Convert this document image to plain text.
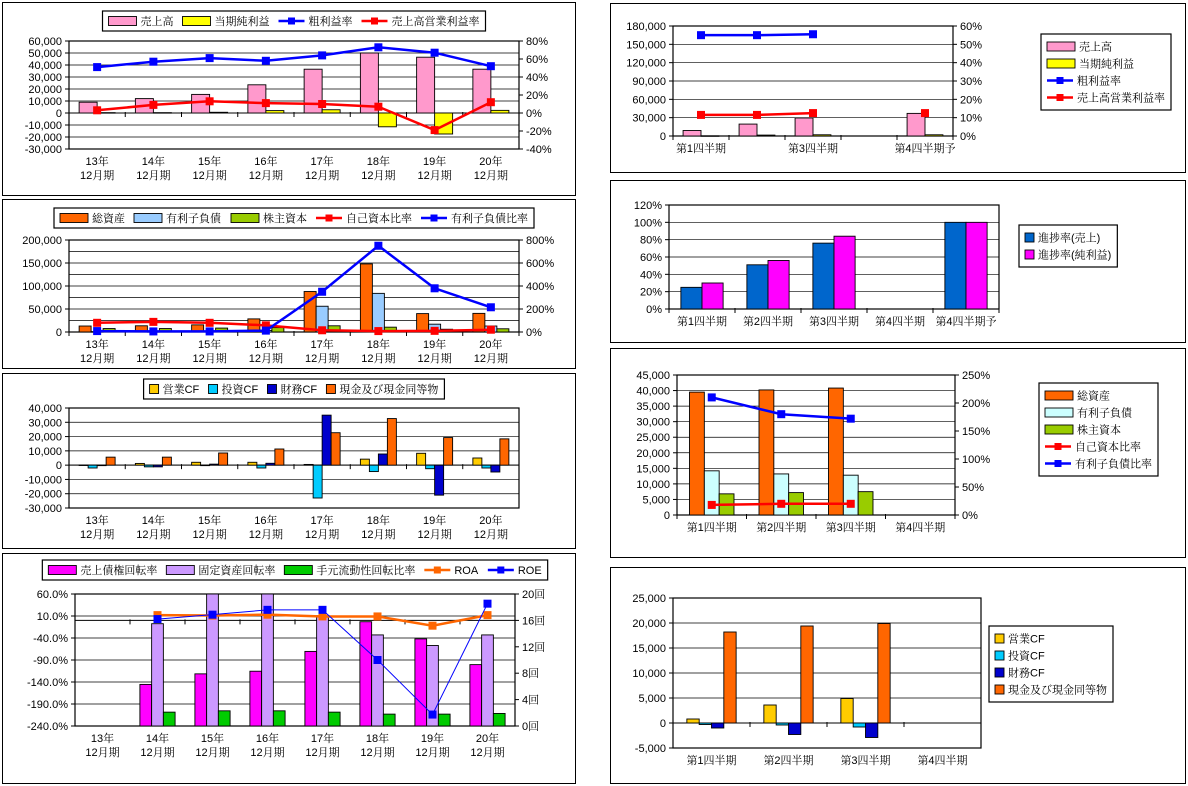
60,000
50,000
40,000
30,000
20,000
10,000
0
-10,000
-20,000
-30,000
80%
60%
40%
20%
0%
-20%
-40%
13年
12月期
14年
12月期
15年
12月期
16年
12月期
17年
12月期
18年
12月期
19年
12月期
20年
12月期
売上高	当期純利益	粗利益率	売上高営業利益率
200,000
150,000
100,000
50,000
0
800%
600%
400%
200%
0%
13年
12月期
14年
12月期
15年
12月期
16年
12月期
17年
12月期
18年
12月期
19年
12月期
20年
12月期
総資産	有利子負債	株主資本	自己資本比率	有利子負債比率
40,000
30,000
20,000
10,000
0
-10,000
-20,000
-30,000
13年
12月期
14年
12月期
15年
12月期
16年
12月期
17年
12月期
18年
12月期
19年
12月期
20年
12月期
営業CF 投資CF 財務CF 現金及び現金同等物
60.0%
10.0%
-40.0%
-90.0%
-140.0%
-190.0%
-240.0%
20回
16回
12回
8回
4回
0回
13年
12月期
14年
12月期
15年
12月期
16年
12月期
17年
12月期
18年
12月期
19年
12月期
20年
12月期
売上債権回転率	固定資産回転率	手元流動性回転比率	ROA	ROE
180,000
150,000
120,000
90,000
60,000
30,000
0
60%
50%
40%
30%
20%
10%
0%
第1四半期	第3四半期	第4四半期予
売上高
当期純利益
粗利益率
売上高営業利益率
120%
100%
80%
60%
40%
20%
0%
第1四半期 第2四半期 第3四半期 第4四半期 第4四半期予
進捗率(売上)
進捗率(純利益)
45,000
40,000
35,000
30,000
25,000
20,000
15,000
10,000
5,000
0
250%
200%
150%
100%
50%
0%
第1四半期 第2四半期 第3四半期 第4四半期
総資産
有利子負債
株主資本
自己資本比率
有利子負債比率
25,000
20,000
15,000
10,000
5,000
0
-5,000
第1四半期 第2四半期 第3四半期 第4四半期
営業CF
投資CF
財務CF
現金及び現金同等物
